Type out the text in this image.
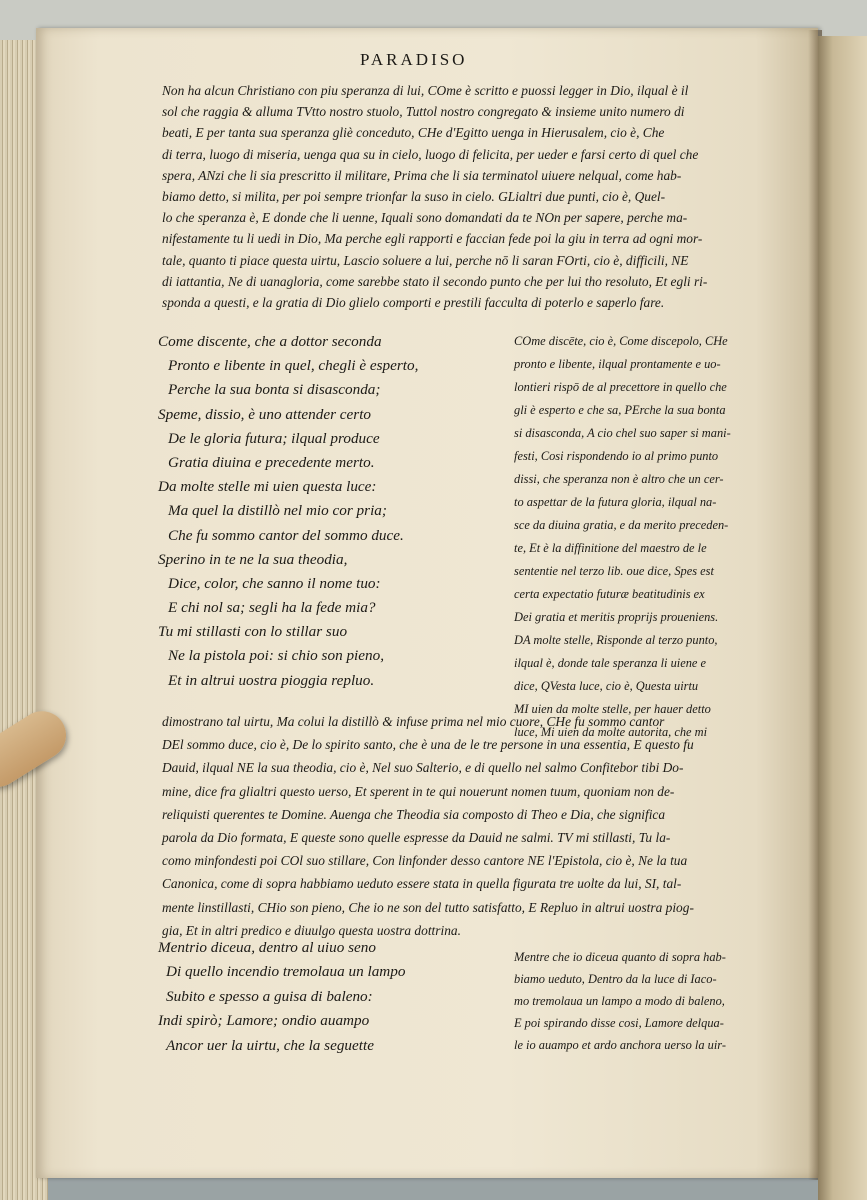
PARADISO
Non ha alcun Christiano con piu speranza di lui, COme è scritto e puossi legger in Dio, ilqual è il
sol che raggia & alluma TVtto nostro stuolo, Tuttol nostro congregato & insieme unito numero di
beati, E per tanta sua speranza gliè conceduto, CHe d'Egitto uenga in Hierusalem, cio è, Che
di terra, luogo di miseria, uenga qua su in cielo, luogo di felicita, per ueder e farsi certo di quel che
spera, ANzi che li sia prescritto il militare, Prima che li sia terminatol uiuere nelqual, come hab-
biamo detto, si milita, per poi sempre trionfar la suso in cielo. GLialtri due punti, cio è, Quel-
lo che speranza è, E donde che li uenne, Iquali sono domandati da te NOn per sapere, perche ma-
nifestamente tu li uedi in Dio, Ma perche egli rapporti e faccian fede poi la giu in terra ad ogni mor-
tale, quanto ti piace questa uirtu, Lascio soluere a lui, perche nō li saran FOrti, cio è, difficili, NE
di iattantia, Ne di uanagloria, come sarebbe stato il secondo punto che per lui tho resoluto, Et egli ri-
sponda a questi, e la gratia di Dio glielo comporti e prestili facculta di poterlo e saperlo fare.
Come discente, che a dottor seconda
Pronto e libente in quel, chegli è esperto,
Perche la sua bonta si disasconda;
Speme, dissio, è uno attender certo
De le gloria futura; ilqual produce
Gratia diuina e precedente merto.
Da molte stelle mi uien questa luce:
Ma quel la distillò nel mio cor pria;
Che fu sommo cantor del sommo duce.
Sperino in te ne la sua theodia,
Dice, color, che sanno il nome tuo:
E chi nol sa; segli ha la fede mia?
Tu mi stillasti con lo stillar suo
Ne la pistola poi: si chio son pieno,
Et in altrui uostra pioggia repluo.
COme discēte, cio è, Come discepolo, CHe
pronto e libente, ilqual prontamente e uo-
lontieri rispō de al precettore in quello che
gli è esperto e che sa, PErche la sua bonta
si disasconda, A cio chel suo saper si mani-
festi, Cosi rispondendo io al primo punto
dissi, che speranza non è altro che un cer-
to aspettar de la futura gloria, ilqual na-
sce da diuina gratia, e da merito preceden-
te, Et è la diffinitione del maestro de le
sententie nel terzo lib. oue dice, Spes est
certa expectatio futuræ beatitudinis ex
Dei gratia et meritis proprijs proueniens.
DA molte stelle, Risponde al terzo punto,
ilqual è, donde tale speranza li uiene e
dice, QVesta luce, cio è, Questa uirtu
MI uien da molte stelle, per hauer detto
luce, Mi uien da molte autorita, che mi
dimostrano tal uirtu, Ma colui la distillò & infuse prima nel mio cuore, CHe fu sommo cantor
DEl sommo duce, cio è, De lo spirito santo, che è una de le tre persone in una essentia, E questo fu
Dauid, ilqual NE la sua theodia, cio è, Nel suo Salterio, e di quello nel salmo Confitebor tibi Do-
mine, dice fra glialtri questo uerso, Et sperent in te qui nouerunt nomen tuum, quoniam non de-
reliquisti querentes te Domine. Auenga che Theodia sia composto di Theo e Dia, che significa
parola da Dio formata, E queste sono quelle espresse da Dauid ne salmi. TV mi stillasti, Tu la-
como minfondesti poi COl suo stillare, Con linfonder desso cantore NE l'Epistola, cio è, Ne la tua
Canonica, come di sopra habbiamo ueduto essere stata in quella figurata tre uolte da lui, SI, tal-
mente linstillasti, CHio son pieno, Che io ne son del tutto satisfatto, E Repluo in altrui uostra piog-
gia, Et in altri predico e diuulgo questa uostra dottrina.
Mentrio diceua, dentro al uiuo seno
Di quello incendio tremolaua un lampo
Subito e spesso a guisa di baleno:
Indi spirò; Lamore; ondio auampo
Ancor uer la uirtu, che la seguette
Mentre che io diceua quanto di sopra hab-
biamo ueduto, Dentro da la luce di Iaco-
mo tremolaua un lampo a modo di baleno,
E poi spirando disse cosi, Lamore delqua-
le io auampo et ardo anchora uerso la uir-
